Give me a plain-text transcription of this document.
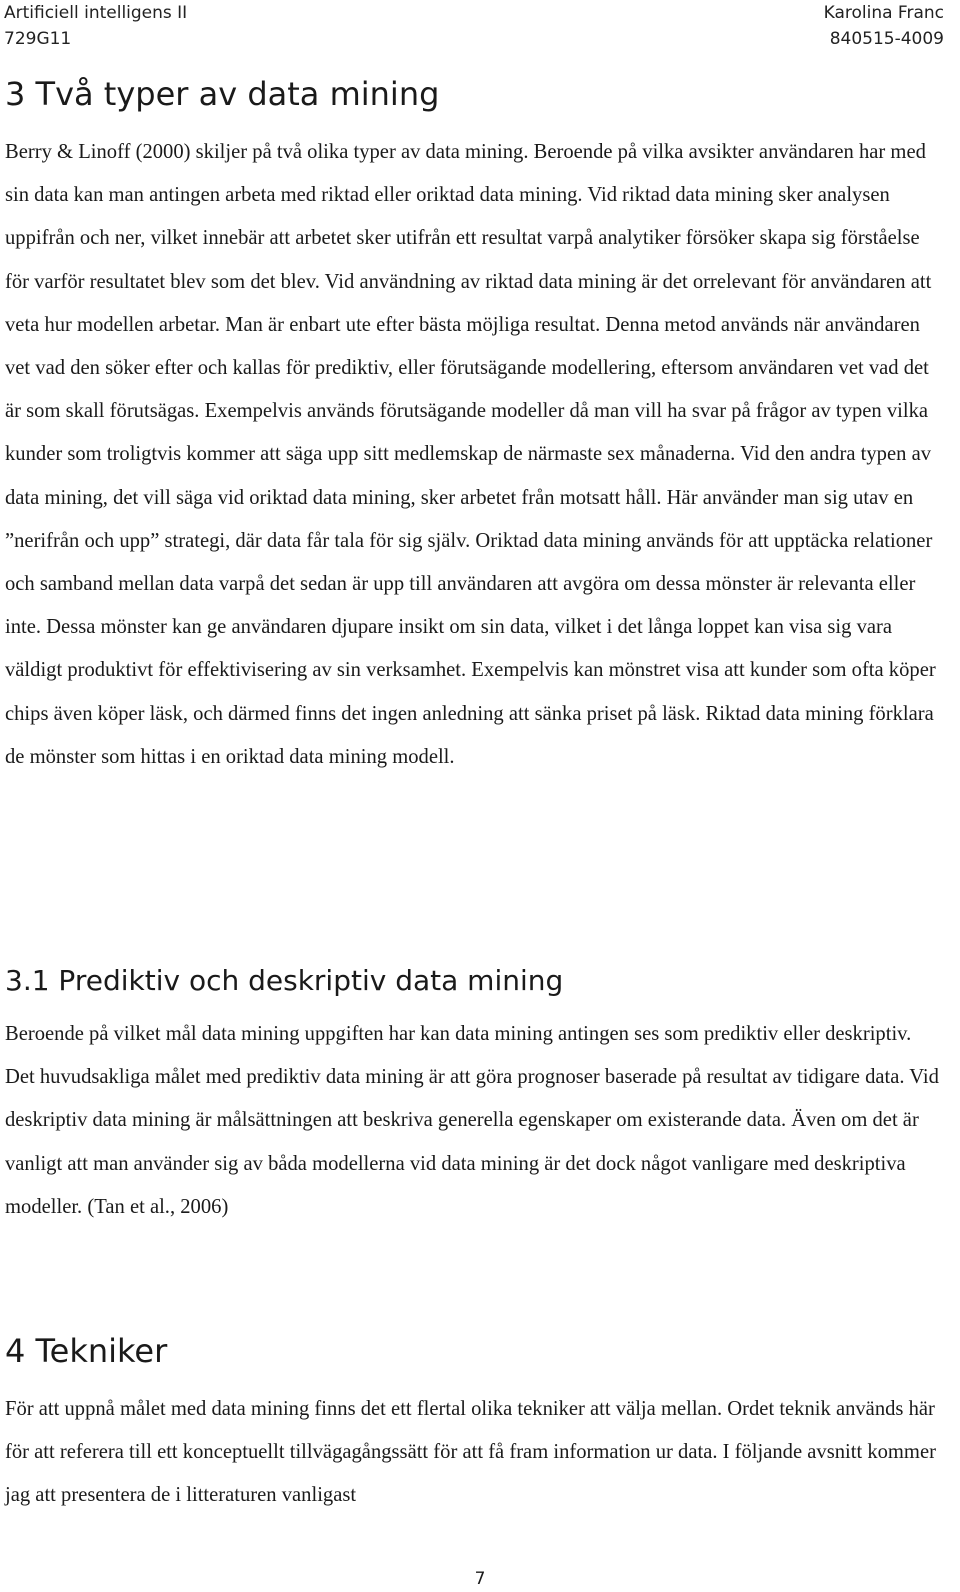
Artificiell intelligens II
729G11
Karolina Franc
840515-4009
3 Två typer av data mining

Berry & Linoff (2000) skiljer på två olika typer av data mining. Beroende på vilka avsikter användaren har med sin data kan man antingen arbeta med riktad eller oriktad data mining. Vid riktad data mining sker analysen uppifrån och ner, vilket innebär att arbetet sker utifrån ett resultat varpå analytiker försöker skapa sig förståelse för varför resultatet blev som det blev. Vid användning av riktad data mining är det orrelevant för användaren att veta hur modellen arbetar. Man är enbart ute efter bästa möjliga resultat. Denna metod används när användaren vet vad den söker efter och kallas för prediktiv, eller förutsägande modellering, eftersom användaren vet vad det är som skall förutsägas. Exempelvis används förutsägande modeller då man vill ha svar på frågor av typen vilka kunder som troligtvis kommer att säga upp sitt medlemskap de närmaste sex månaderna. Vid den andra typen av data mining, det vill säga vid oriktad data mining, sker arbetet från motsatt håll. Här använder man sig utav en ”nerifrån och upp” strategi, där data får tala för sig själv. Oriktad data mining används för att upptäcka relationer och samband mellan data varpå det sedan är upp till användaren att avgöra om dessa mönster är relevanta eller inte. Dessa mönster kan ge användaren djupare insikt om sin data, vilket i det långa loppet kan visa sig vara väldigt produktivt för effektivisering av sin verksamhet. Exempelvis kan mönstret visa att kunder som ofta köper chips även köper läsk, och därmed finns det ingen anledning att sänka priset på läsk. Riktad data mining förklara de mönster som hittas i en oriktad data mining modell.

3.1 Prediktiv och deskriptiv data mining

Beroende på vilket mål data mining uppgiften har kan data mining antingen ses som prediktiv eller deskriptiv. Det huvudsakliga målet med prediktiv data mining är att göra prognoser baserade på resultat av tidigare data. Vid deskriptiv data mining är målsättningen att beskriva generella egenskaper om existerande data. Även om det är vanligt att man använder sig av båda modellerna vid data mining är det dock något vanligare med deskriptiva modeller. (Tan et al., 2006)

4 Tekniker

För att uppnå målet med data mining finns det ett flertal olika tekniker att välja mellan. Ordet teknik används här för att referera till ett konceptuellt tillvägagångssätt för att få fram information ur data. I följande avsnitt kommer jag att presentera de i litteraturen vanligast

7
